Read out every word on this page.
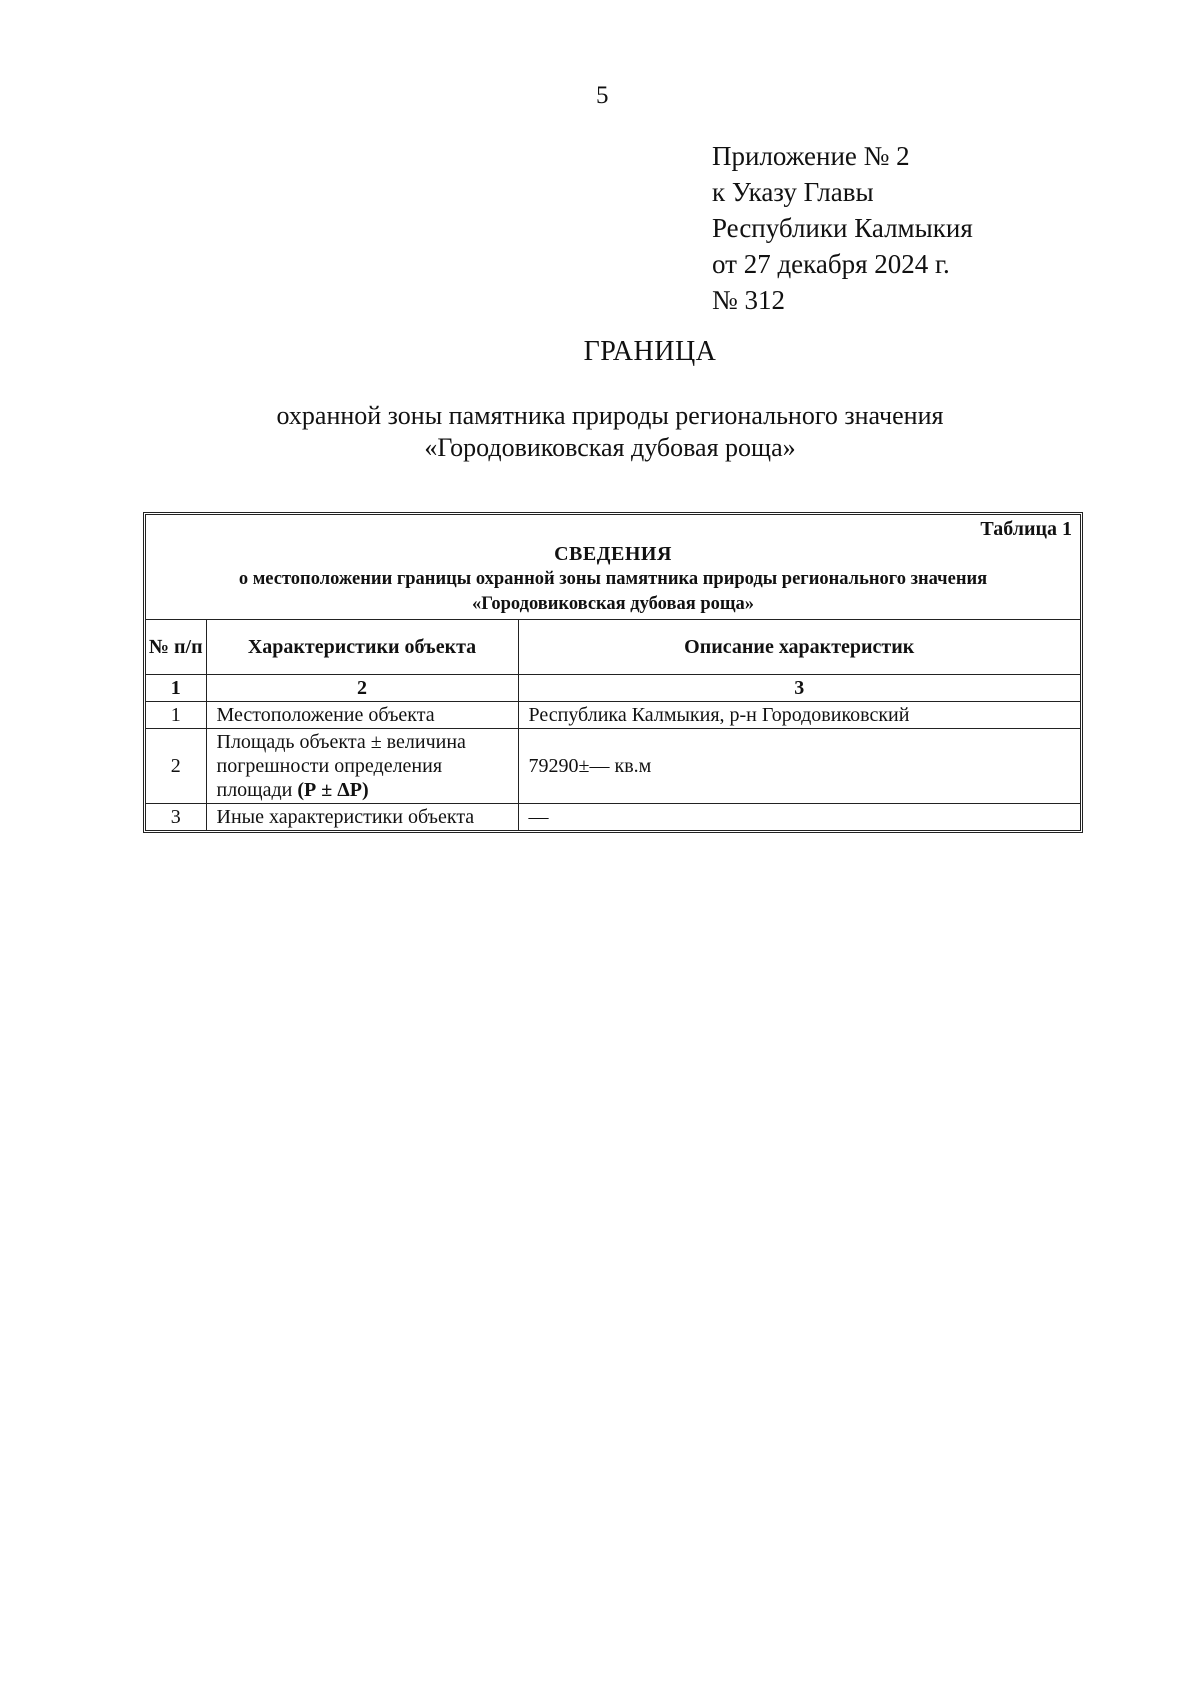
5
Приложение № 2
к Указу Главы
Республики Калмыкия
от 27 декабря 2024 г.
№ 312
ГРАНИЦА
охранной зоны памятника природы регионального значения
«Городовиковская дубовая роща»
Таблица 1
СВЕДЕНИЯ
о местоположении границы охранной зоны памятника природы регионального значения
«Городовиковская дубовая роща»
№ п/п	Характеристики объекта	Описание характеристик
1	2	3
1	Местоположение объекта	Республика Калмыкия, р-н Городовиковский
2	Площадь объекта ± величина погрешности определения площади (Р ± ΔР)	79290±— кв.м
3	Иные характеристики объекта	—
